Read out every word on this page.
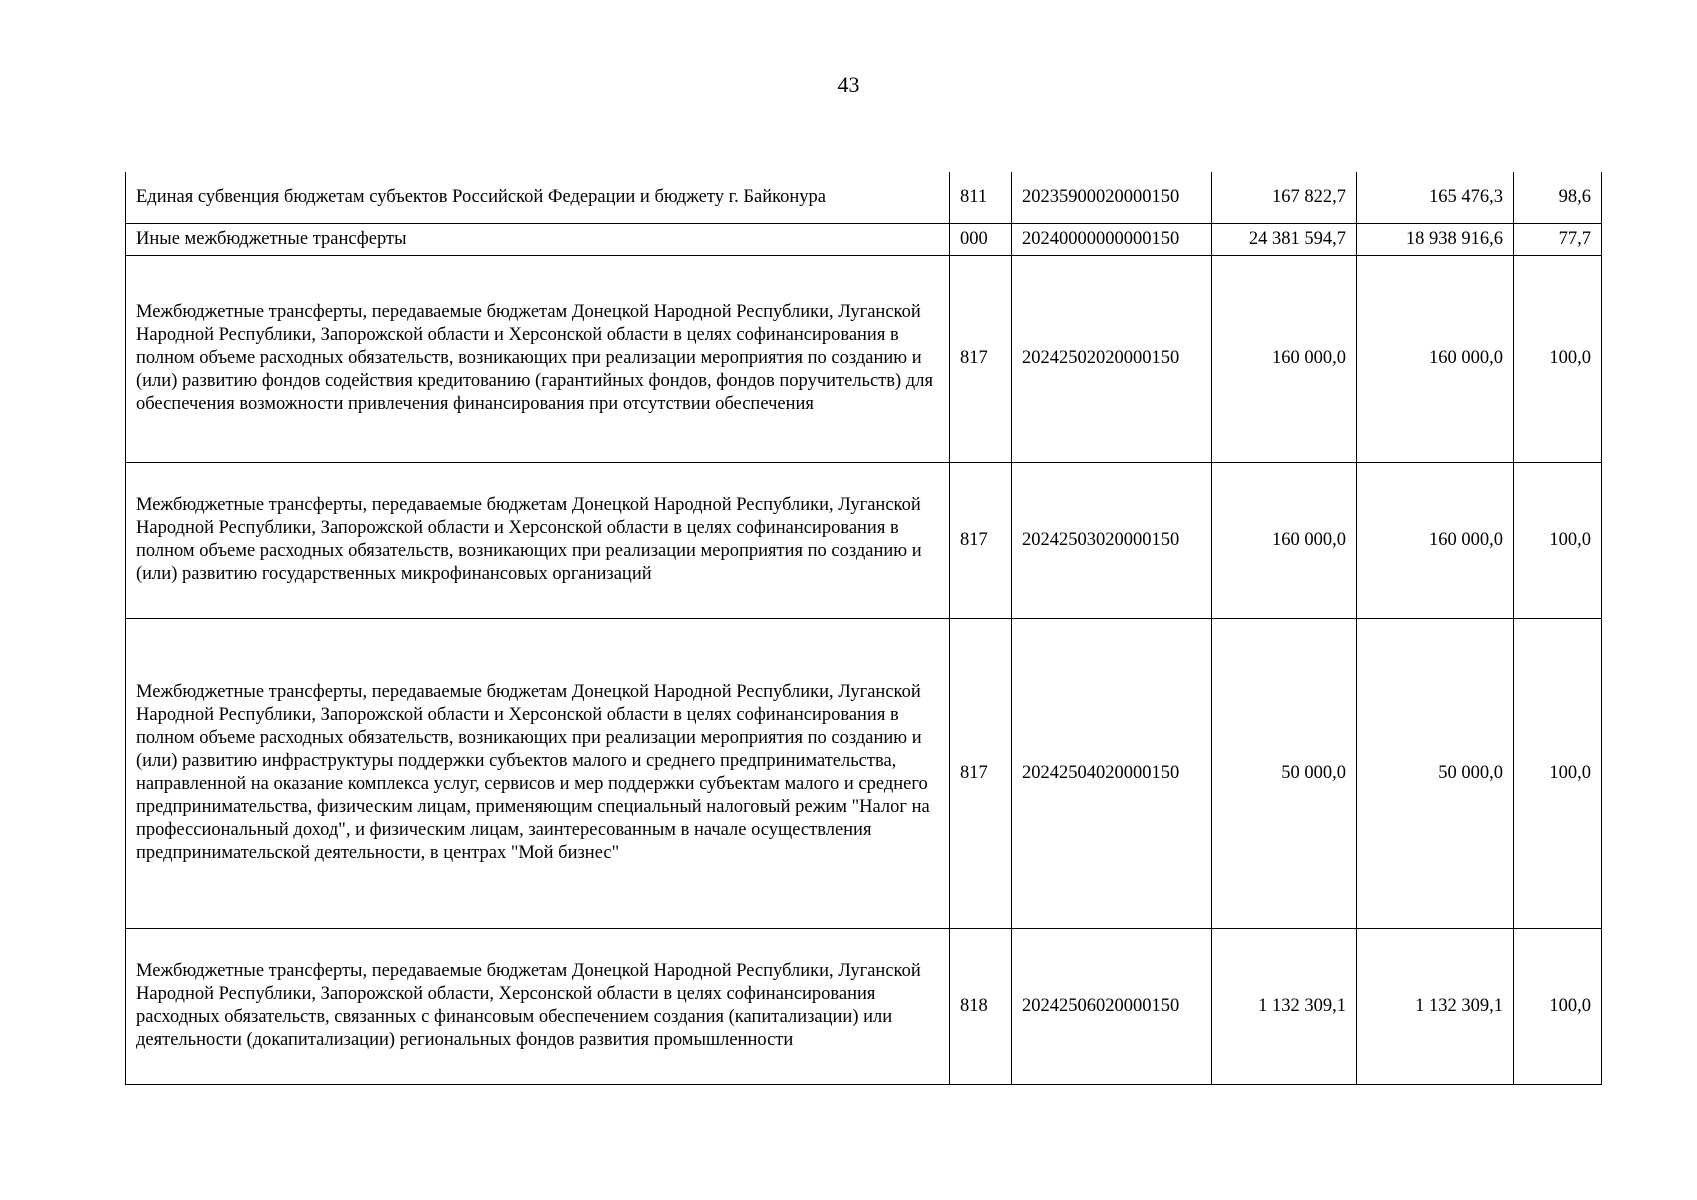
43
Единая субвенция бюджетам субъектов Российской Федерации и бюджету г. Байконура	811	20235900020000150	167 822,7	165 476,3	98,6

Иные межбюджетные трансферты	000	20240000000000150	24 381 594,7	18 938 916,6	77,7

Межбюджетные трансферты, передаваемые бюджетам Донецкой Народной Республики, Луганской Народной Республики, Запорожской области и Херсонской области в целях софинансирования в полном объеме расходных обязательств, возникающих при реализации мероприятия по созданию и (или) развитию фондов содействия кредитованию (гарантийных фондов, фондов поручительств) для обеспечения возможности привлечения финансирования при отсутствии обеспечения	817	20242502020000150	160 000,0	160 000,0	100,0

Межбюджетные трансферты, передаваемые бюджетам Донецкой Народной Республики, Луганской Народной Республики, Запорожской области и Херсонской области в целях софинансирования в полном объеме расходных обязательств, возникающих при реализации мероприятия по созданию и (или) развитию государственных микрофинансовых организаций	817	20242503020000150	160 000,0	160 000,0	100,0

Межбюджетные трансферты, передаваемые бюджетам Донецкой Народной Республики, Луганской Народной Республики, Запорожской области и Херсонской области в целях софинансирования в полном объеме расходных обязательств, возникающих при реализации мероприятия по созданию и (или) развитию инфраструктуры поддержки субъектов малого и среднего предпринимательства, направленной на оказание комплекса услуг, сервисов и мер поддержки субъектам малого и среднего предпринимательства, физическим лицам, применяющим специальный налоговый режим "Налог на профессиональный доход", и физическим лицам, заинтересованным в начале осуществления предпринимательской деятельности, в центрах "Мой бизнес"	817	20242504020000150	50 000,0	50 000,0	100,0

Межбюджетные трансферты, передаваемые бюджетам Донецкой Народной Республики, Луганской Народной Республики, Запорожской области, Херсонской области в целях софинансирования расходных обязательств, связанных с финансовым обеспечением создания (капитализации) или деятельности (докапитализации) региональных фондов развития промышленности	818	20242506020000150	1 132 309,1	1 132 309,1	100,0
